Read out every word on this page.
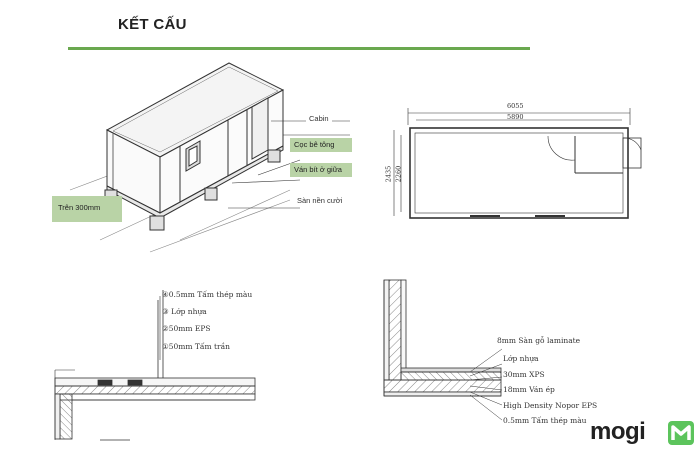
KẾT CẤU
Cabin
Cọc bê tông
Ván bít ở giữa
Sàn nền cười
Trên 300mm
6055
5890
2435 2260
④0.5mm Tấm thép màu
③ Lớp nhựa
②50mm EPS
①50mm Tấm trần
8mm Sàn gỗ laminate
Lớp nhựa
30mm XPS
18mm Ván ép
High Density Nopor EPS
0.5mm Tấm thép màu mogi
